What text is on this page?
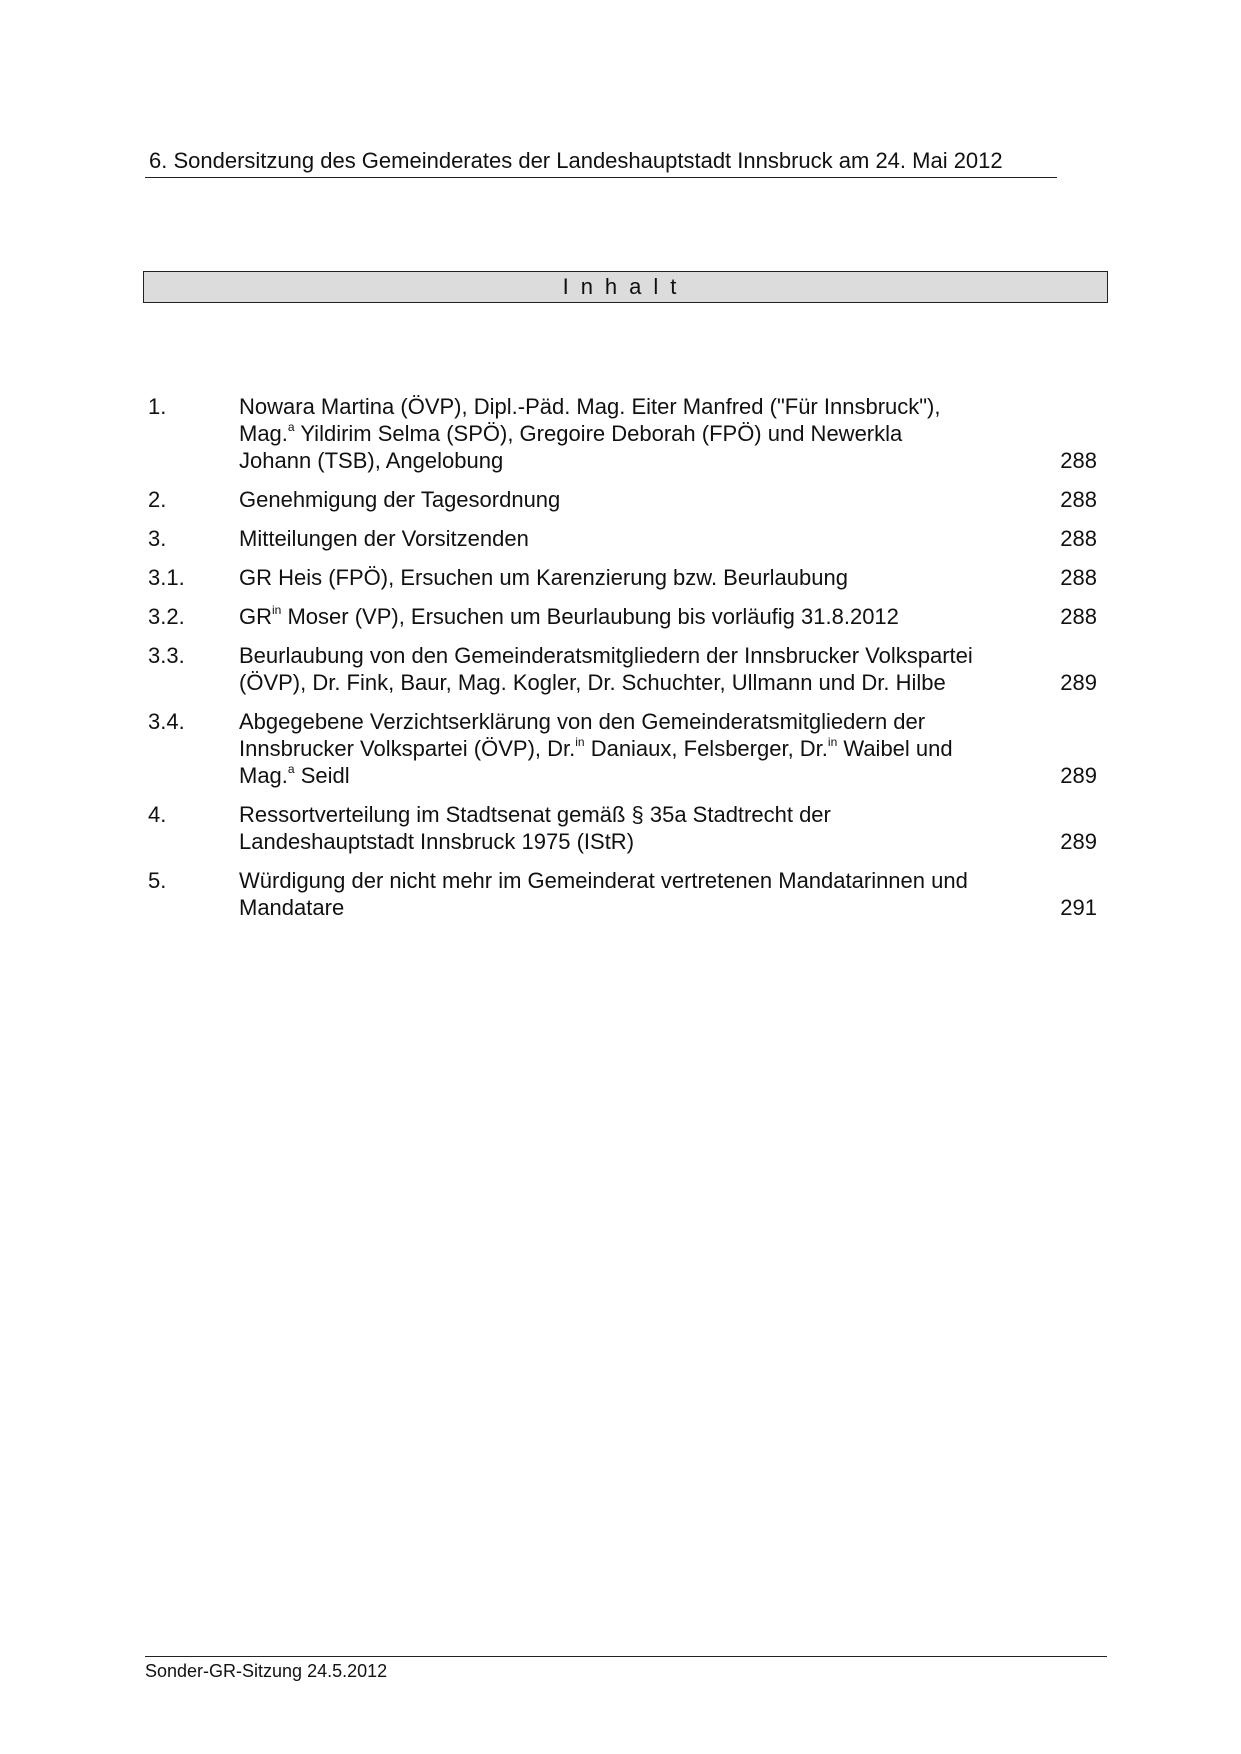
6. Sondersitzung des Gemeinderates der Landeshauptstadt Innsbruck am 24. Mai 2012
Inhalt
1.	Nowara Martina (ÖVP), Dipl.-Päd. Mag. Eiter Manfred ("Für Innsbruck"),
Mag.$^a$ Yildirim Selma (SPÖ), Gregoire Deborah (FPÖ) und Newerkla
Johann (TSB), Angelobung	288
2.	Genehmigung der Tagesordnung	288
3.	Mitteilungen der Vorsitzenden	288
3.1.	GR Heis (FPÖ), Ersuchen um Karenzierung bzw. Beurlaubung	288
3.2.	$GR^{in}$ Moser (VP), Ersuchen um Beurlaubung bis vorläufig 31.8.2012	288
3.3.	Beurlaubung von den Gemeinderatsmitgliedern der Innsbrucker Volkspartei
(ÖVP), Dr. Fink, Baur, Mag. Kogler, Dr. Schuchter, Ullmann und Dr. Hilbe	289
3.4.	Abgegebene Verzichtserklärung von den Gemeinderatsmitgliedern der
Innsbrucker Volkspartei (ÖVP), Dr.$^{in}$ Daniaux, Felsberger, Dr.$^{in}$ Waibel und
Mag.$^a$ Seidl	289
4.	Ressortverteilung im Stadtsenat gemäß § 35a Stadtrecht der
Landeshauptstadt Innsbruck 1975 (IStR)	289
5.	Würdigung der nicht mehr im Gemeinderat vertretenen Mandatarinnen und
Mandatare	291
Sonder-GR-Sitzung 24.5.2012
